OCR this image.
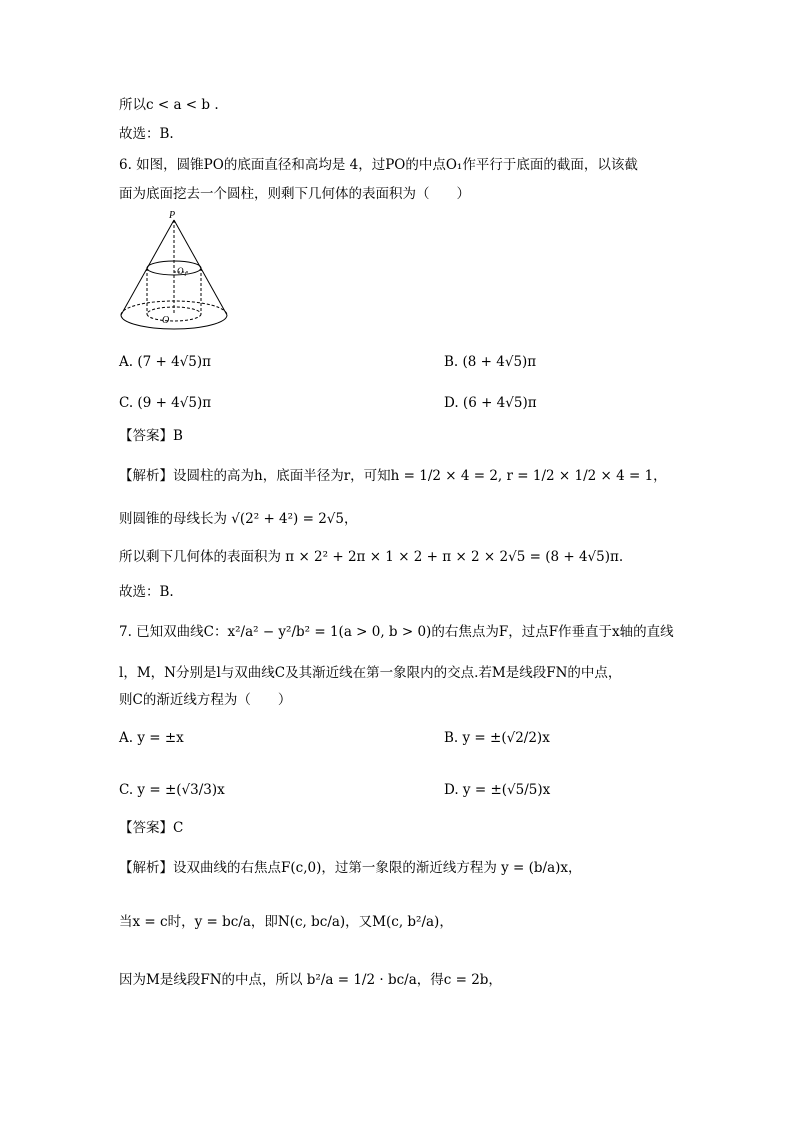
所以c < a < b .
故选：B.
6. 如图，圆锥PO的底面直径和高均是 4，过PO的中点O₁作平行于底面的截面，以该截
面为底面挖去一个圆柱，则剩下几何体的表面积为（　　）
P
O₁
O
A. (7 + 4√5)π	B. (8 + 4√5)π
C. (9 + 4√5)π	D. (6 + 4√5)π
【答案】B
【解析】设圆柱的高为h，底面半径为r，可知h = 1/2 × 4 = 2, r = 1/2 × 1/2 × 4 = 1，
则圆锥的母线长为 √(2² + 4²) = 2√5，
所以剩下几何体的表面积为 π × 2² + 2π × 1 × 2 + π × 2 × 2√5 = (8 + 4√5)π.
故选：B.
7. 已知双曲线C：x²/a² − y²/b² = 1(a > 0, b > 0)的右焦点为F，过点F作垂直于x轴的直线
l，M，N分别是l与双曲线C及其渐近线在第一象限内的交点.若M是线段FN的中点，
则C的渐近线方程为（　　）
A. y = ±x	B. y = ±(√2/2)x
C. y = ±(√3/3)x	D. y = ±(√5/5)x
【答案】C
【解析】设双曲线的右焦点F(c,0)，过第一象限的渐近线方程为 y = (b/a)x，
当x = c时，y = bc/a，即N(c, bc/a)，又M(c, b²/a)，
因为M是线段FN的中点，所以 b²/a = 1/2 · bc/a，得c = 2b，
